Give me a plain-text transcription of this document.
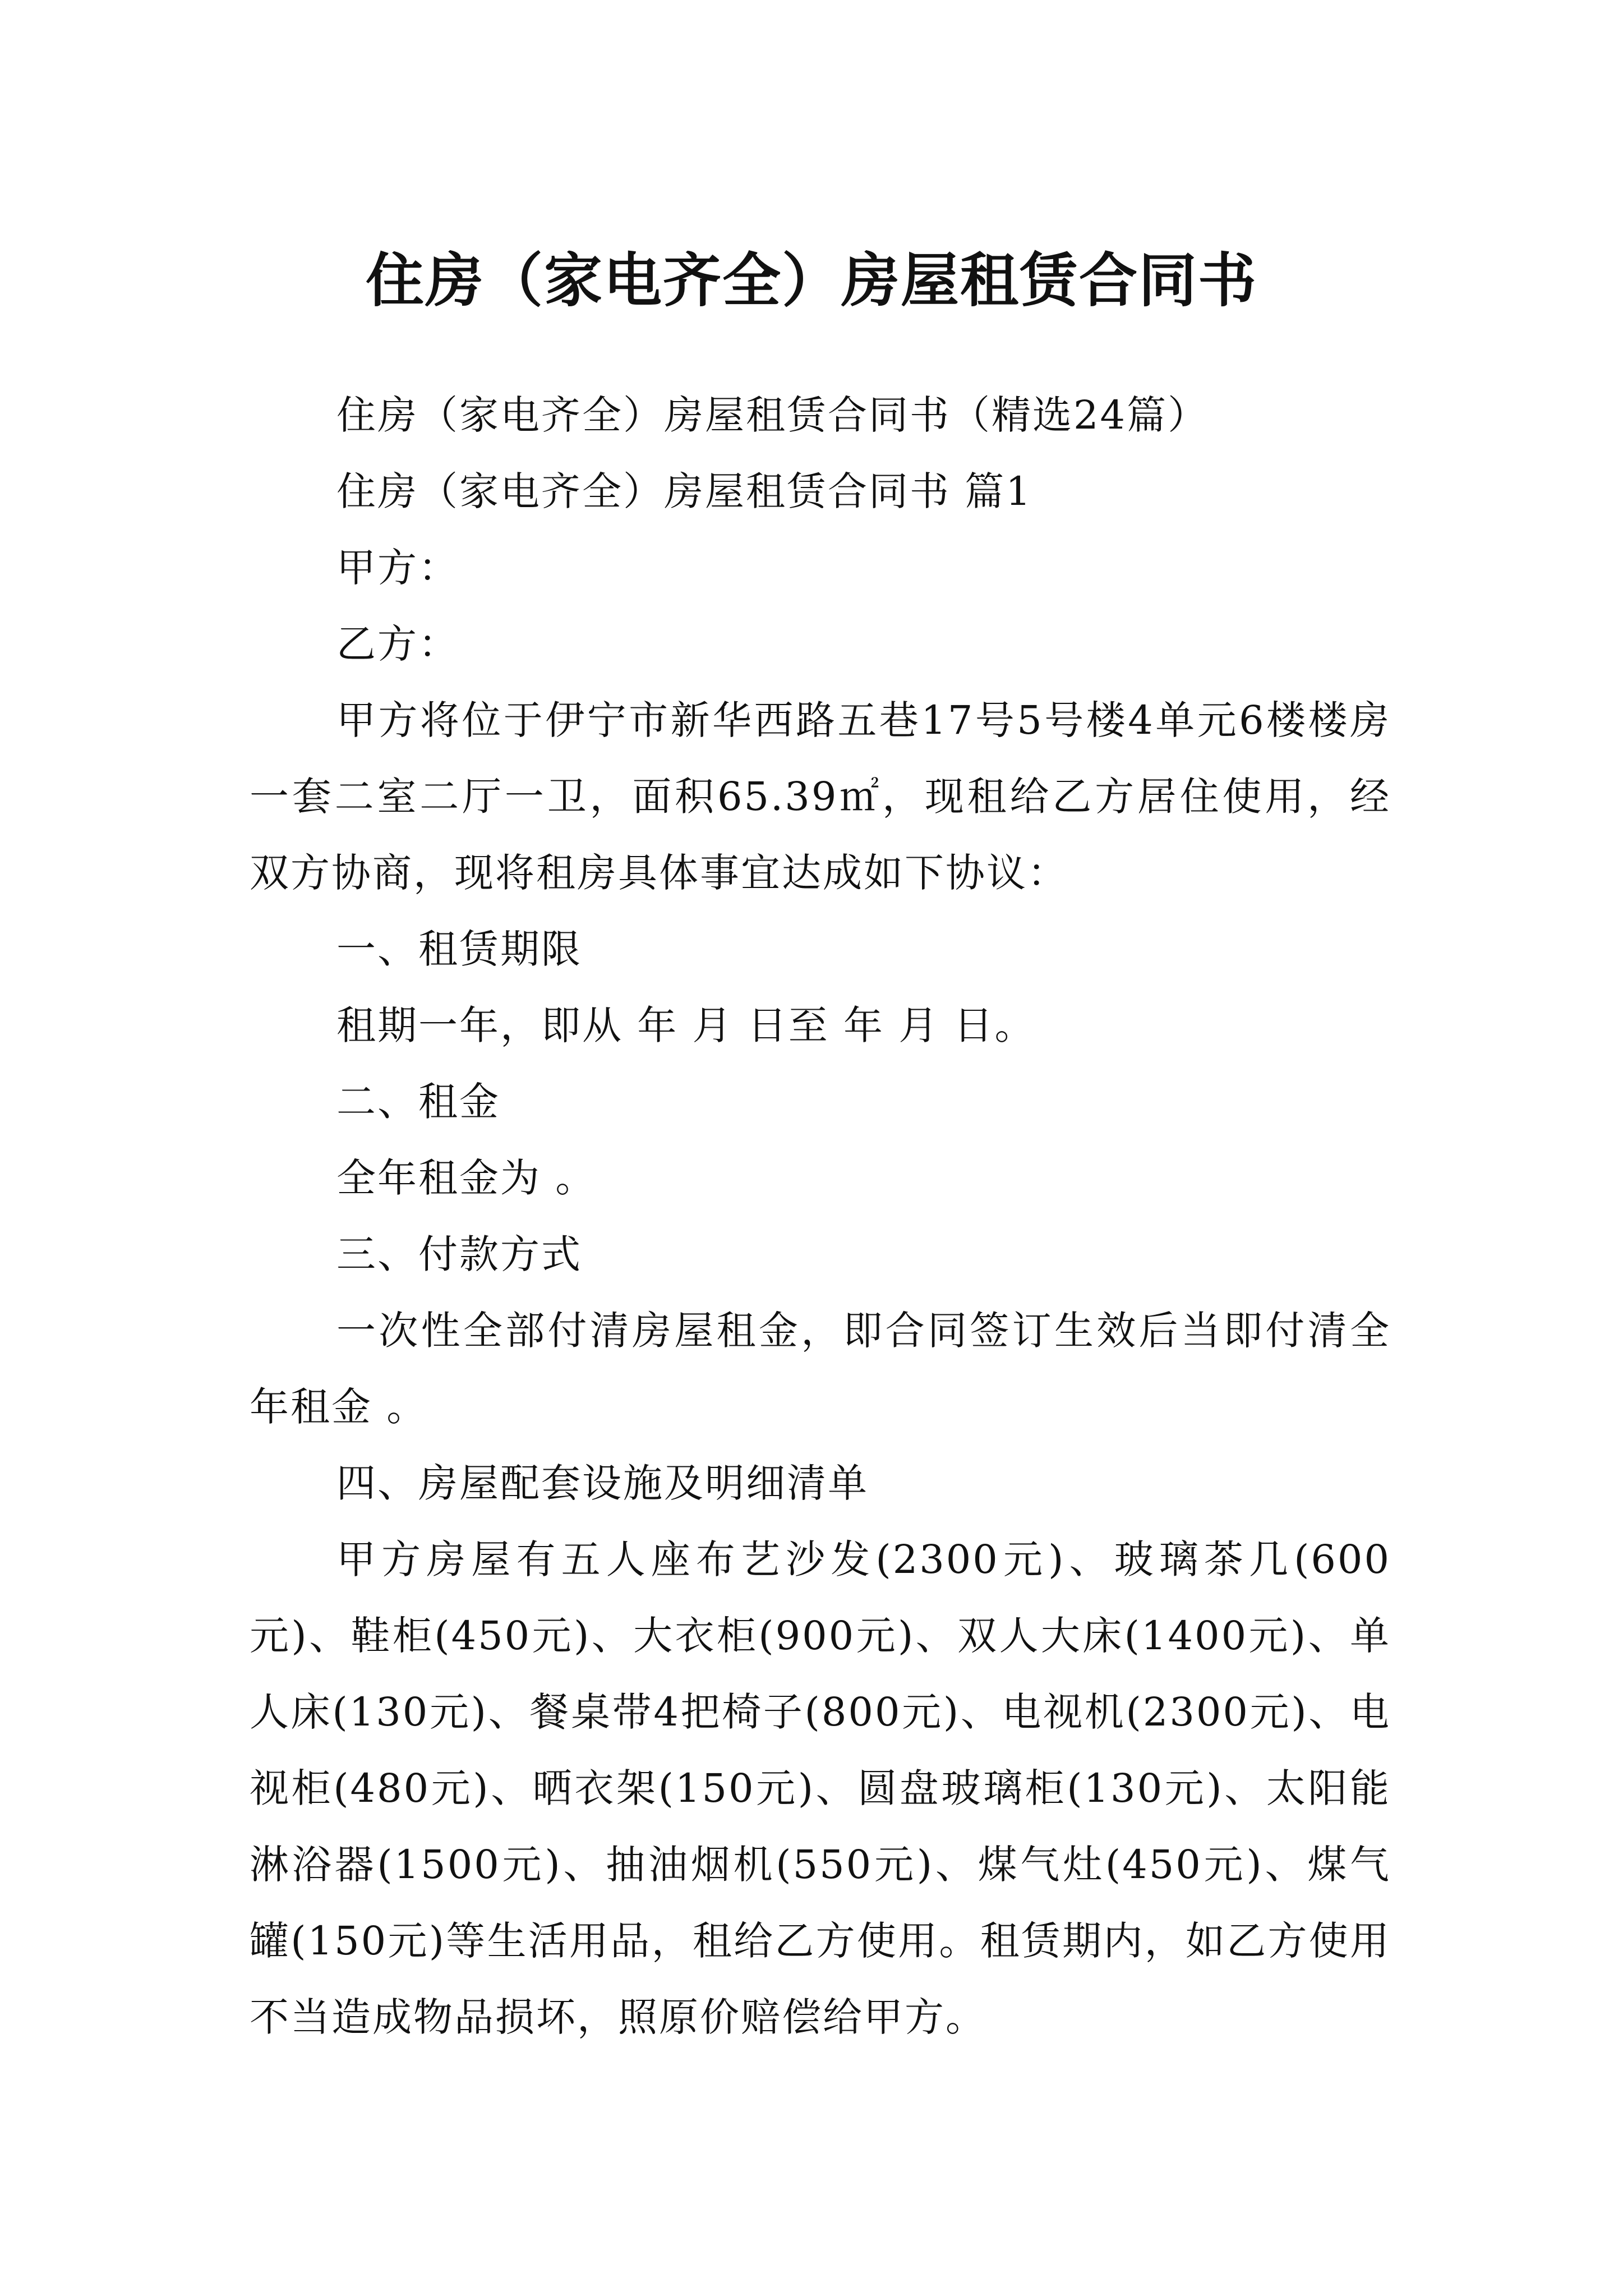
住房（家电齐全）房屋租赁合同书

住房（家电齐全）房屋租赁合同书（精选24篇）

住房（家电齐全）房屋租赁合同书 篇1

甲方：

乙方：

甲方将位于伊宁市新华西路五巷17号5号楼4单元6楼楼房一套二室二厅一卫，面积65.39㎡，现租给乙方居住使用，经双方协商，现将租房具体事宜达成如下协议：

一、租赁期限

租期一年，即从 年 月 日至 年 月 日。

二、租金

全年租金为 。

三、付款方式

一次性全部付清房屋租金，即合同签订生效后当即付清全年租金 。

四、房屋配套设施及明细清单

甲方房屋有五人座布艺沙发(2300元)、玻璃茶几(600元)、鞋柜(450元)、大衣柜(900元)、双人大床(1400元)、单人床(130元)、餐桌带4把椅子(800元)、电视机(2300元)、电视柜(480元)、晒衣架(150元)、圆盘玻璃柜(130元)、太阳能淋浴器(1500元)、抽油烟机(550元)、煤气灶(450元)、煤气罐(150元)等生活用品，租给乙方使用。租赁期内，如乙方使用不当造成物品损坏，照原价赔偿给甲方。
